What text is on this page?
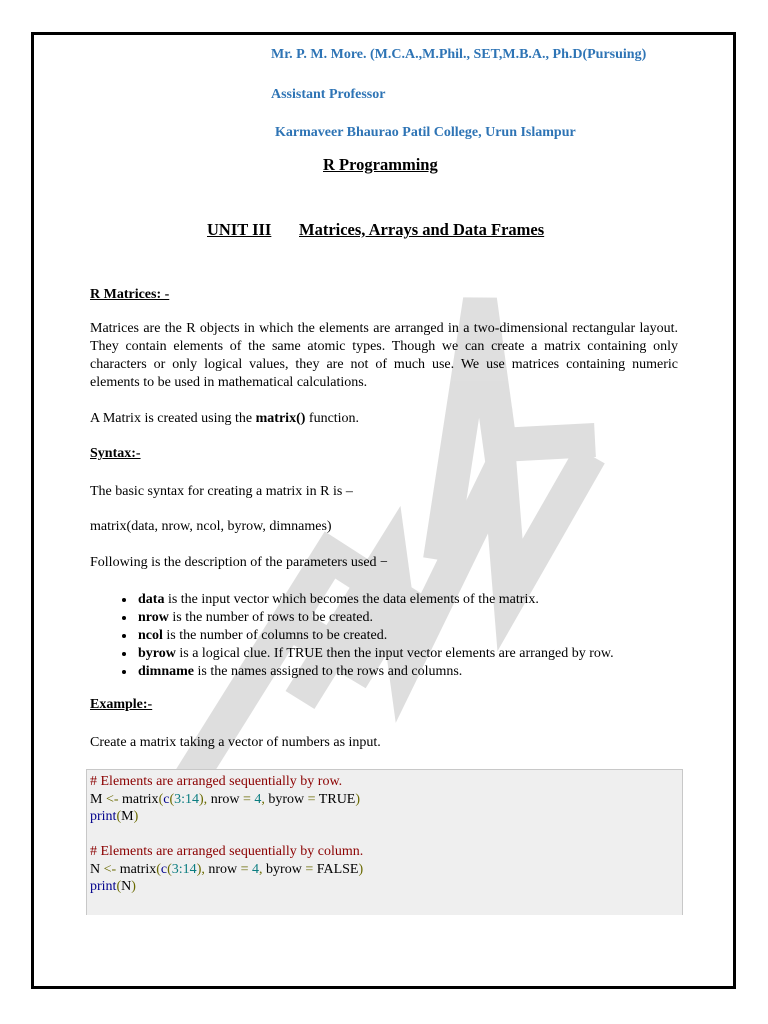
Mr. P. M. More. (M.C.A.,M.Phil., SET,M.B.A., Ph.D(Pursuing)
Assistant Professor
Karmaveer Bhaurao Patil College, Urun Islampur
R Programming
UNIT III Matrices, Arrays and Data Frames
R Matrices: -
Matrices are the R objects in which the elements are arranged in a two-dimensional rectangular layout. They contain elements of the same atomic types. Though we can create a matrix containing only characters or only logical values, they are not of much use. We use matrices containing numeric elements to be used in mathematical calculations.
A Matrix is created using the matrix() function.
Syntax:-
The basic syntax for creating a matrix in R is –
matrix(data, nrow, ncol, byrow, dimnames)
Following is the description of the parameters used −
• data is the input vector which becomes the data elements of the matrix.
• nrow is the number of rows to be created.
• ncol is the number of columns to be created.
• byrow is a logical clue. If TRUE then the input vector elements are arranged by row.
• dimname is the names assigned to the rows and columns.
Example:-
Create a matrix taking a vector of numbers as input.
# Elements are arranged sequentially by row.
M <- matrix(c(3:14), nrow = 4, byrow = TRUE)
print(M)
# Elements are arranged sequentially by column.
N <- matrix(c(3:14), nrow = 4, byrow = FALSE)
print(N)
